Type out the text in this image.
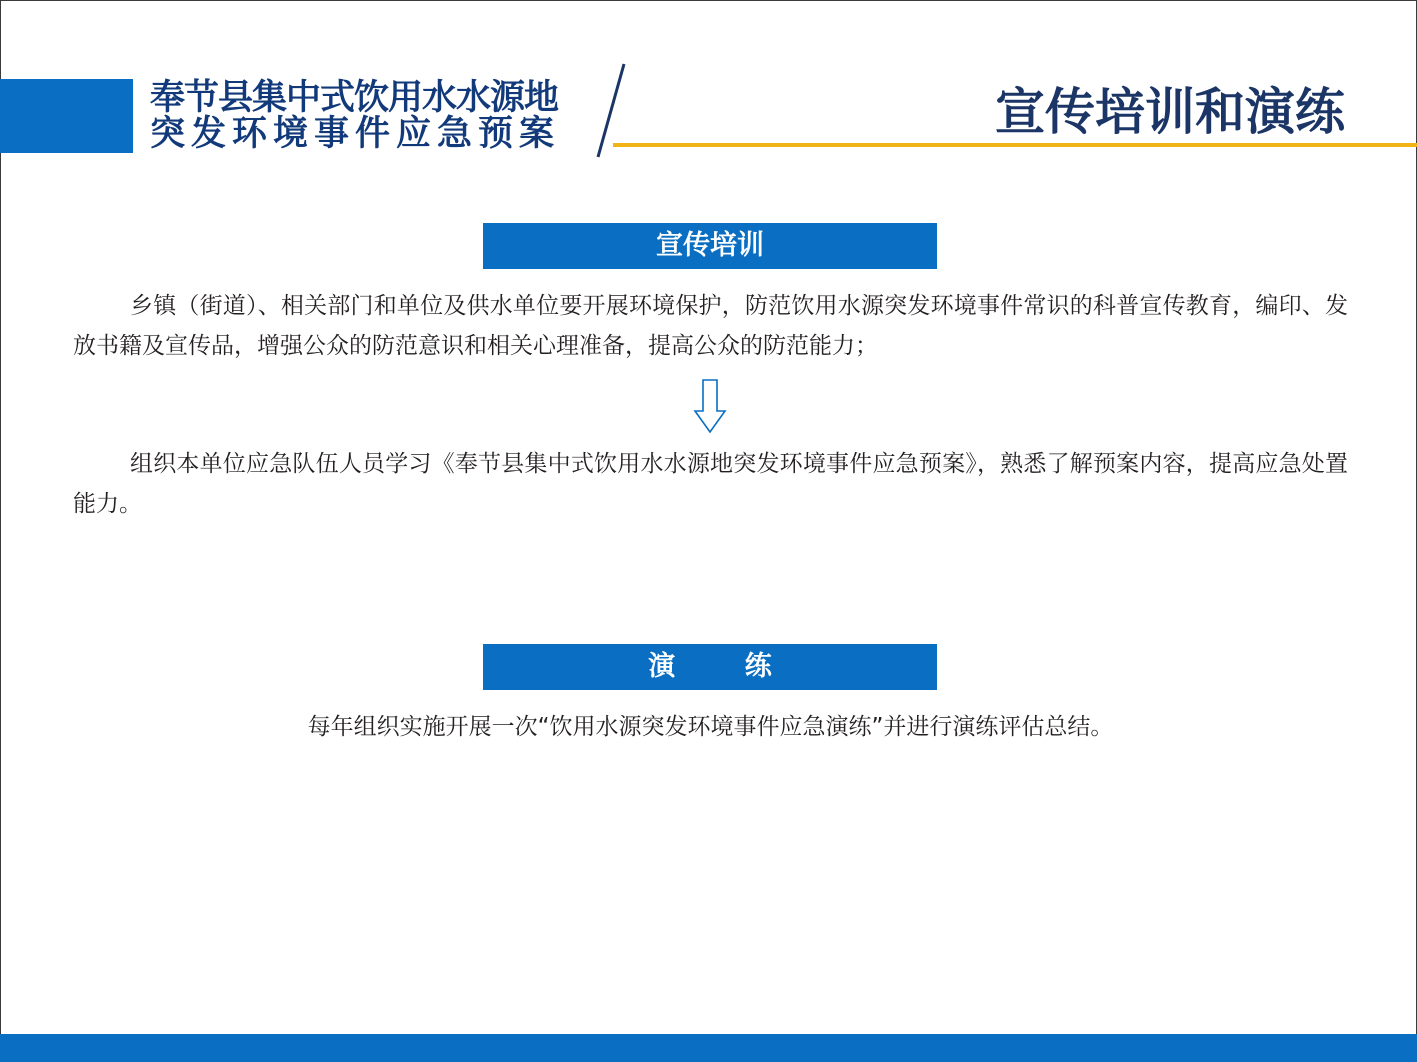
奉节县集中式饮用水水源地
突发环境事件应急预案	宣传培训和演练
宣传培训
乡镇（街道）、相关部门和单位及供水单位要开展环境保护，防范饮用水源突发环境事件常识的科普宣传教育，编印、发放书籍及宣传品，增强公众的防范意识和相关心理准备，提高公众的防范能力；
组织本单位应急队伍人员学习《奉节县集中式饮用水水源地突发环境事件应急预案》，熟悉了解预案内容，提高应急处置能力。
演 练
每年组织实施开展一次“饮用水源突发环境事件应急演练”并进行演练评估总结。
